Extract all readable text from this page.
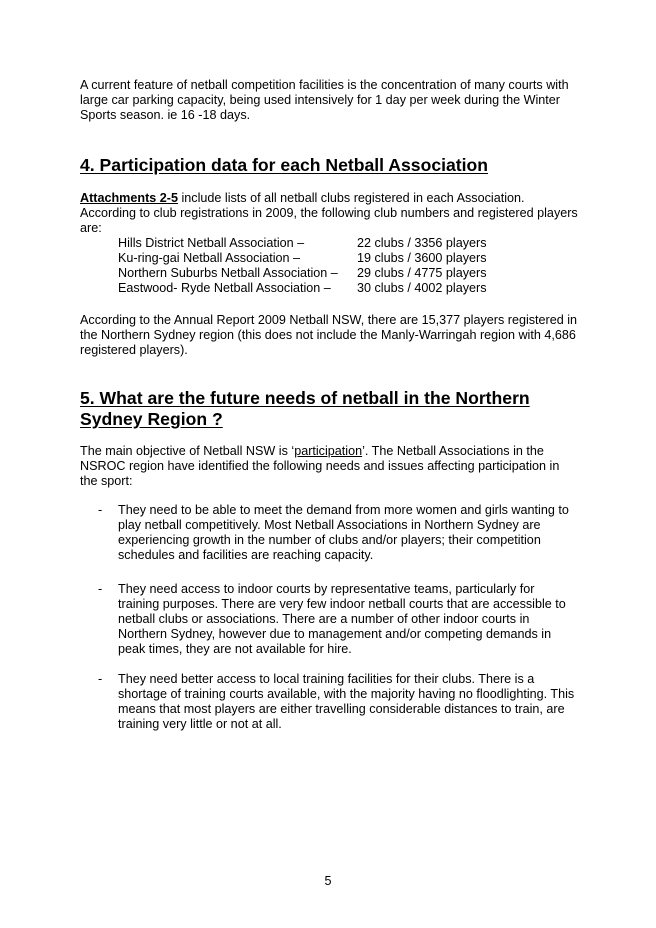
A current feature of netball competition facilities is the concentration of many courts with large car parking capacity, being used intensively for 1 day per week during the Winter Sports season. ie 16 -18 days.

4. Participation data for each Netball Association

Attachments 2-5 include lists of all netball clubs registered in each Association. According to club registrations in 2009, the following club numbers and registered players are:

Hills District Netball Association –	22 clubs / 3356 players
Ku-ring-gai Netball Association –	19 clubs / 3600 players
Northern Suburbs Netball Association –	29 clubs / 4775 players
Eastwood- Ryde Netball Association –	30 clubs / 4002 players

According to the Annual Report 2009 Netball NSW, there are 15,377 players registered in the Northern Sydney region (this does not include the Manly-Warringah region with 4,686 registered players).

5. What are the future needs of netball in the Northern Sydney Region ?

The main objective of Netball NSW is ‘participation’. The Netball Associations in the NSROC region have identified the following needs and issues affecting participation in the sport:

- They need to be able to meet the demand from more women and girls wanting to play netball competitively. Most Netball Associations in Northern Sydney are experiencing growth in the number of clubs and/or players; their competition schedules and facilities are reaching capacity.
- They need access to indoor courts by representative teams, particularly for training purposes. There are very few indoor netball courts that are accessible to netball clubs or associations. There are a number of other indoor courts in Northern Sydney, however due to management and/or competing demands in peak times, they are not available for hire.
- They need better access to local training facilities for their clubs. There is a shortage of training courts available, with the majority having no floodlighting. This means that most players are either travelling considerable distances to train, are training very little or not at all.
5
